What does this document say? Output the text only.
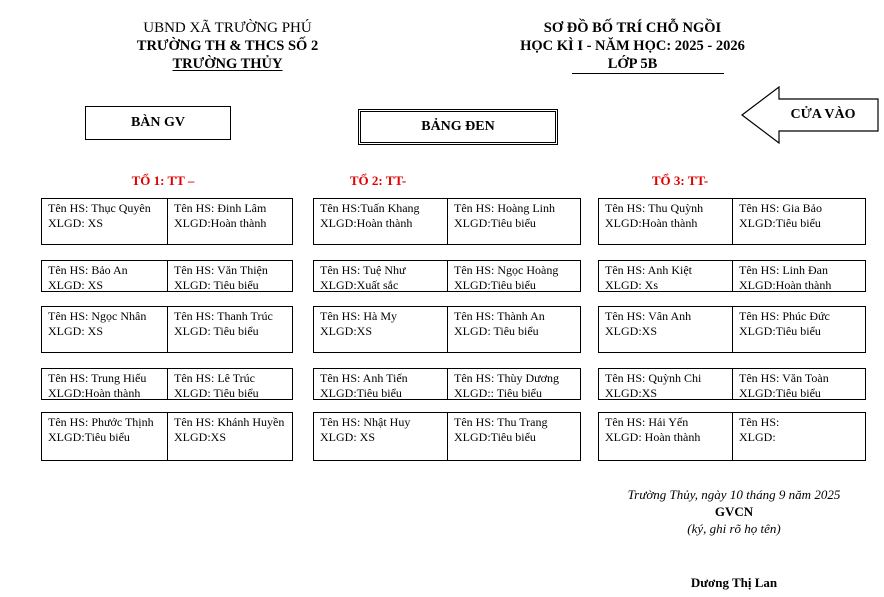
UBND XÃ TRƯỜNG PHÚ
TRƯỜNG TH & THCS SỐ 2
TRƯỜNG THỦY
SƠ ĐỒ BỐ TRÍ CHỖ NGỒI
HỌC KÌ I - NĂM HỌC: 2025 - 2026
LỚP 5B
BÀN GV	BẢNG ĐEN
CỬA VÀO
TỔ 1: TT –	TỔ 2: TT-	TỔ 3: TT-
Tên HS: Thục Quyên
XLGD: XS
Tên HS: Đinh Lâm
XLGD:Hoàn thành
Tên HS: Bảo An
XLGD: XS
Tên HS: Văn Thiện
XLGD: Tiêu biểu
Tên HS: Ngọc Nhân
XLGD: XS
Tên HS: Thanh Trúc
XLGD: Tiêu biểu
Tên HS: Trung Hiếu
XLGD:Hoàn thành
Tên HS: Lê Trúc
XLGD: Tiêu biểu
Tên HS: Phước Thịnh
XLGD:Tiêu biểu
Tên HS: Khánh Huyền
XLGD:XS
Tên HS:Tuấn Khang
XLGD:Hoàn thành
Tên HS: Hoàng Linh
XLGD:Tiêu biểu
Tên HS: Tuệ Như
XLGD:Xuất sắc
Tên HS: Ngọc Hoàng
XLGD:Tiêu biểu
Tên HS: Hà My
XLGD:XS
Tên HS: Thành An
XLGD: Tiêu biểu
Tên HS: Anh Tiến
XLGD:Tiêu biểu
Tên HS: Thùy Dương
XLGD:: Tiêu biểu
Tên HS: Nhật Huy
XLGD: XS
Tên HS: Thu Trang
XLGD:Tiêu biểu
Tên HS: Thu Quỳnh
XLGD:Hoàn thành
Tên HS: Gia Bảo
XLGD:Tiêu biểu
Tên HS: Anh Kiệt
XLGD: Xs
Tên HS: Linh Đan
XLGD:Hoàn thành
Tên HS: Vân Anh
XLGD:XS
Tên HS: Phúc Đức
XLGD:Tiêu biểu
Tên HS: Quỳnh Chi
XLGD:XS
Tên HS: Văn Toàn
XLGD:Tiêu biểu
Tên HS: Hải Yến
XLGD: Hoàn thành
Tên HS:
XLGD:
Trường Thủy, ngày 10 tháng 9 năm 2025
GVCN
(ký, ghi rõ họ tên)
Dương Thị Lan
